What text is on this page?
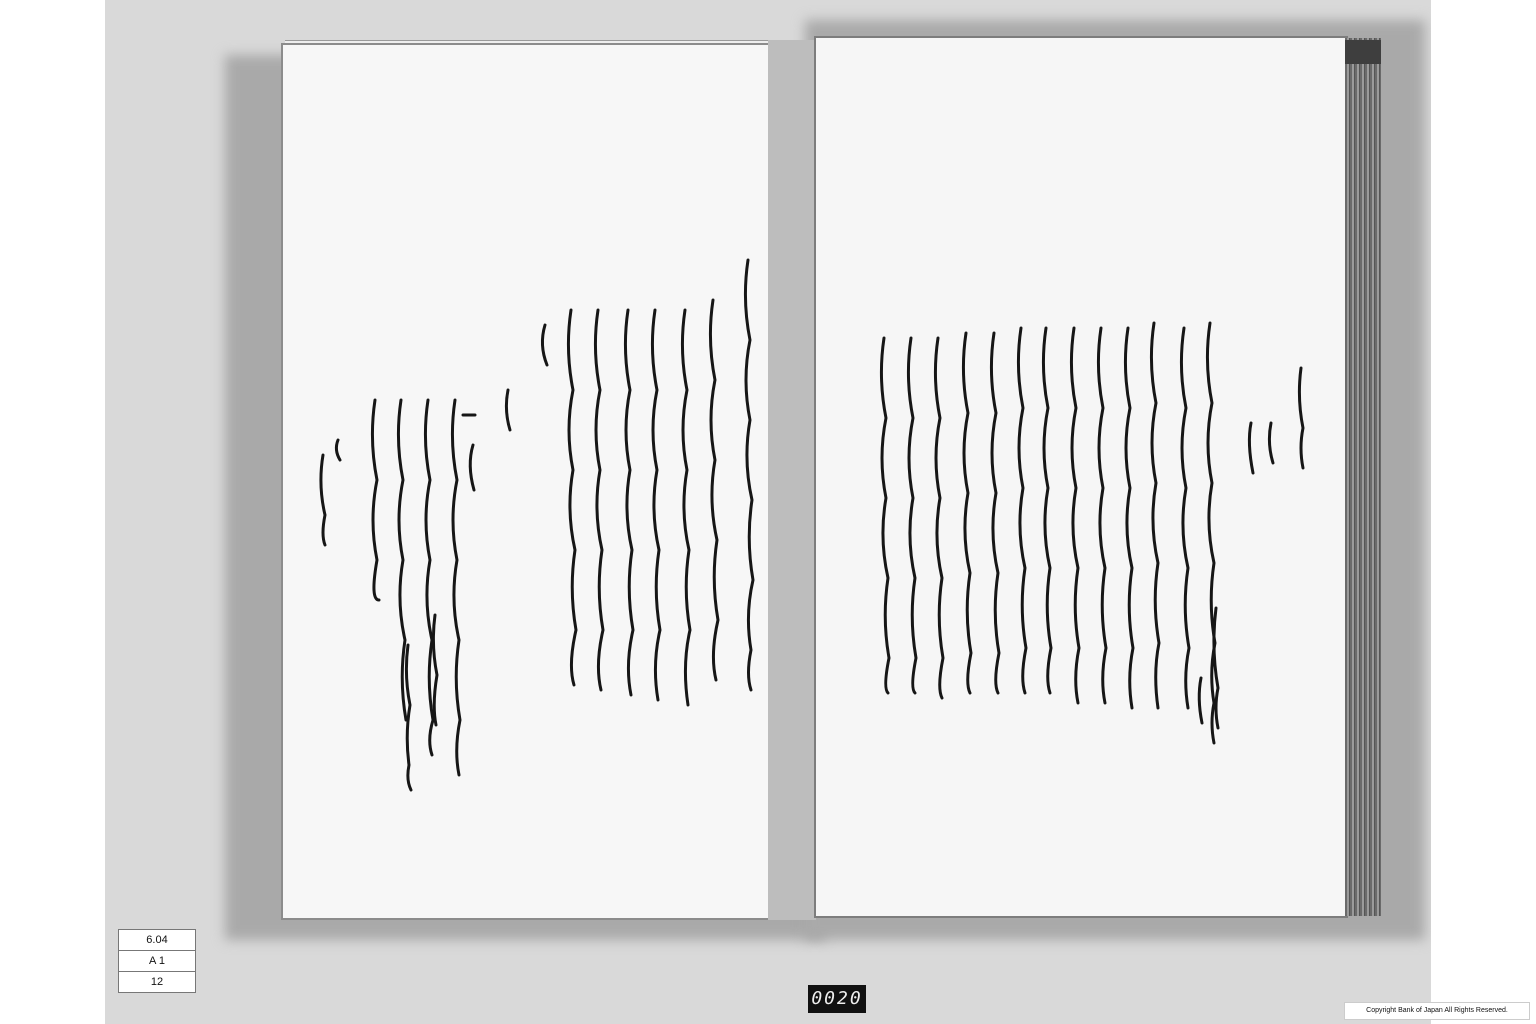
6.04
A 1
12
0020
Copyright Bank of Japan All Rights Reserved.
